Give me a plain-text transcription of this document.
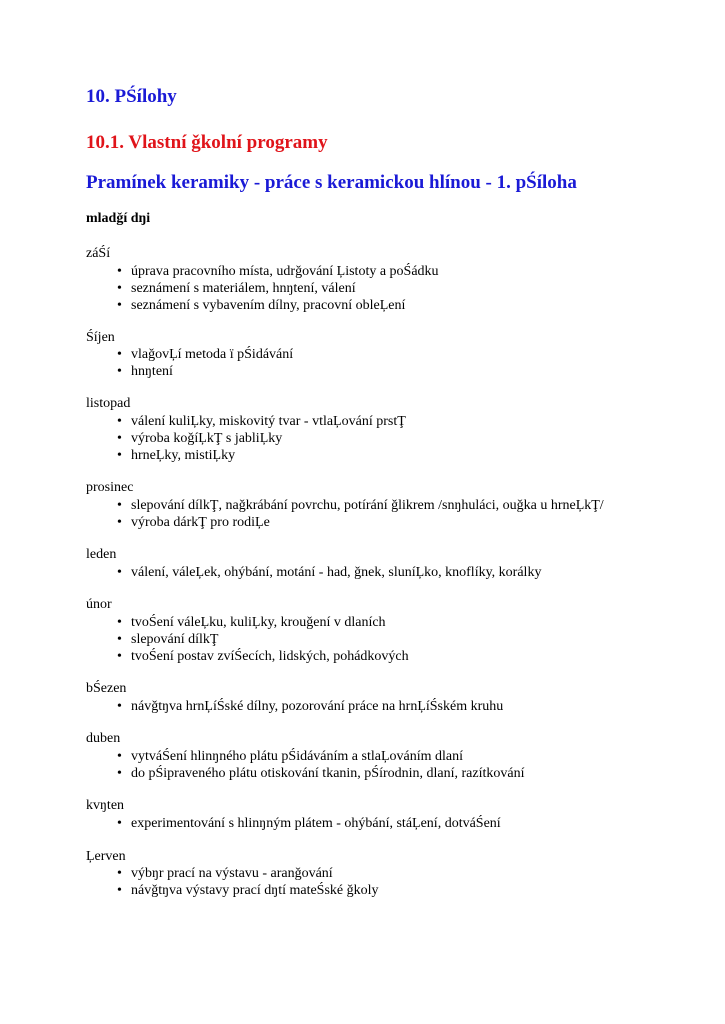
10. PŚílohy
10.1. Vlastní ǧkolní programy
Pramínek keramiky - práce s keramickou hlínou - 1. pŚíloha
mladǧí dŋi
záŚí
• úprava pracovního místa, udrǧování Ļistoty a poŚádku
• seznámení s materiálem, hnŋtení, válení
• seznámení s vybavením dílny, pracovní obleĻení
Śíjen
• vlaǧovĻí metoda ï pŚidávání
• hnŋtení
listopad
• válení kuliĻky, miskovitý tvar - vtlaĻování prstŢ
• výroba koǧíĻkŢ s jabliĻky
• hrneĻky, mistiĻky
prosinec
• slepování dílkŢ, naǧkrábání povrchu, potírání ǧlikrem /snŋhuláci, ouǧka u hrneĻkŢ/
• výroba dárkŢ pro rodiĻe
leden
• válení, váleĻek, ohýbání, motání - had, ǧnek, sluníĻko, knoflíky, korálky
únor
• tvoŚení váleĻku, kuliĻky, krouǧení v dlaních
• slepování dílkŢ
• tvoŚení postav zvíŚecích, lidských, pohádkových
bŚezen
• návǧtŋva hrnĻíŚské dílny, pozorování práce na hrnĻíŚském kruhu
duben
• vytváŚení hlinŋného plátu pŚidáváním a stlaĻováním dlaní
• do pŚipraveného plátu otiskování tkanin, pŚírodnin, dlaní, razítkování
kvŋten
• experimentování s hlinŋným plátem - ohýbání, stáĻení, dotváŚení
Ļerven
• výbŋr prací na výstavu - aranǧování
• návǧtŋva výstavy prací dŋtí mateŚské ǧkoly
